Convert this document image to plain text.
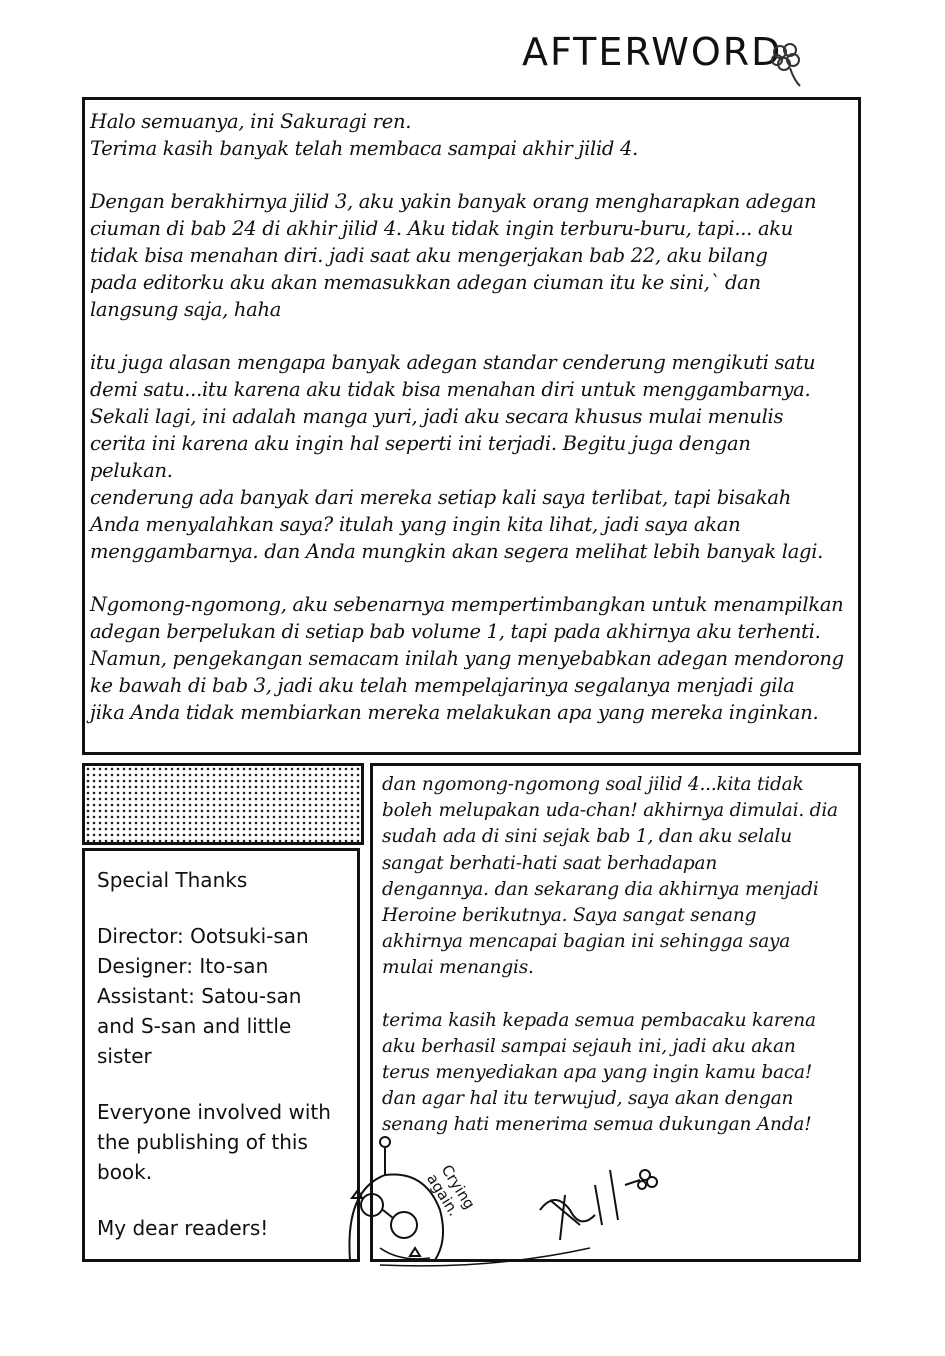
AFTERWORD

Halo semuanya, ini Sakuragi ren.
Terima kasih banyak telah membaca sampai akhir jilid 4.

Dengan berakhirnya jilid 3, aku yakin banyak orang mengharapkan adegan
ciuman di bab 24 di akhir jilid 4. Aku tidak ingin terburu-buru, tapi... aku
tidak bisa menahan diri. jadi saat aku mengerjakan bab 22, aku bilang
pada editorku aku akan memasukkan adegan ciuman itu ke sini,` dan
langsung saja, haha

itu juga alasan mengapa banyak adegan standar cenderung mengikuti satu
demi satu...itu karena aku tidak bisa menahan diri untuk menggambarnya.
Sekali lagi, ini adalah manga yuri, jadi aku secara khusus mulai menulis
cerita ini karena aku ingin hal seperti ini terjadi. Begitu juga dengan
pelukan.
cenderung ada banyak dari mereka setiap kali saya terlibat, tapi bisakah
Anda menyalahkan saya? itulah yang ingin kita lihat, jadi saya akan
menggambarnya. dan Anda mungkin akan segera melihat lebih banyak lagi.

Ngomong-ngomong, aku sebenarnya mempertimbangkan untuk menampilkan
adegan berpelukan di setiap bab volume 1, tapi pada akhirnya aku terhenti.
Namun, pengekangan semacam inilah yang menyebabkan adegan mendorong
ke bawah di bab 3, jadi aku telah mempelajarinya segalanya menjadi gila
jika Anda tidak membiarkan mereka melakukan apa yang mereka inginkan.

Special Thanks

Director: Ootsuki-san
Designer: Ito-san
Assistant: Satou-san
and S-san and little
sister

Everyone involved with
the publishing of this
book.

My dear readers!

dan ngomong-ngomong soal jilid 4...kita tidak
boleh melupakan uda-chan! akhirnya dimulai. dia
sudah ada di sini sejak bab 1, dan aku selalu
sangat berhati-hati saat berhadapan
dengannya. dan sekarang dia akhirnya menjadi
Heroine berikutnya. Saya sangat senang
akhirnya mencapai bagian ini sehingga saya
mulai menangis.

terima kasih kepada semua pembacaku karena
aku berhasil sampai sejauh ini, jadi aku akan
terus menyediakan apa yang ingin kamu baca!
dan agar hal itu terwujud, saya akan dengan
senang hati menerima semua dukungan Anda!

Crying again.
